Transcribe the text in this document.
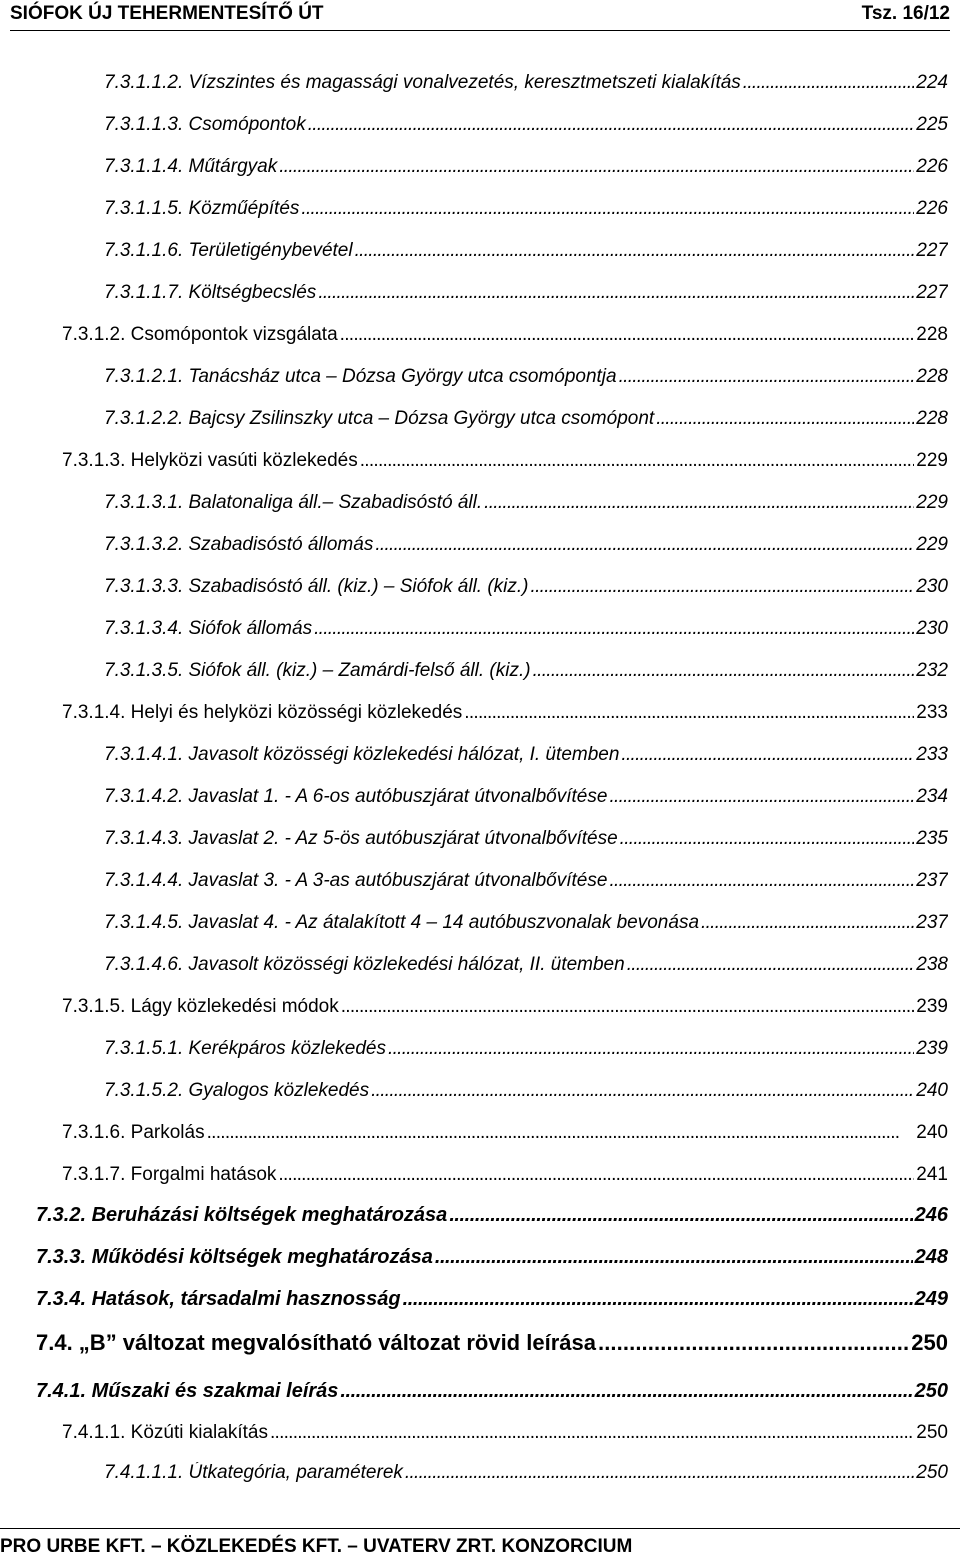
SIÓFOK ÚJ TEHERMENTESÍTŐ ÚT	Tsz. 16/12
7.3.1.1.2. Vízszintes és magassági vonalvezetés, keresztmetszeti kialakítás . . .	224
7.3.1.1.3. Csomópontok . . .	225
7.3.1.1.4. Műtárgyak . . .	226
7.3.1.1.5. Közműépítés . . .	226
7.3.1.1.6. Területigénybevétel . . .	227
7.3.1.1.7. Költségbecslés . . .	227
7.3.1.2. Csomópontok vizsgálata . . .	228
7.3.1.2.1. Tanácsház utca – Dózsa György utca csomópontja . . .	228
7.3.1.2.2. Bajcsy Zsilinszky utca – Dózsa György utca csomópont . . .	228
7.3.1.3. Helyközi vasúti közlekedés . . .	229
7.3.1.3.1. Balatonaliga áll.– Szabadisóstó áll. . . .	229
7.3.1.3.2. Szabadisóstó állomás . . .	229
7.3.1.3.3. Szabadisóstó áll. (kiz.) – Siófok áll. (kiz.) . . .	230
7.3.1.3.4. Siófok állomás . . .	230
7.3.1.3.5. Siófok áll. (kiz.) – Zamárdi-felső áll. (kiz.) . . .	232
7.3.1.4. Helyi és helyközi közösségi közlekedés . . .	233
7.3.1.4.1. Javasolt közösségi közlekedési hálózat, I. ütemben . . .	233
7.3.1.4.2. Javaslat 1. - A 6-os autóbuszjárat útvonalbővítése . . .	234
7.3.1.4.3. Javaslat 2. - Az 5-ös autóbuszjárat útvonalbővítése . . .	235
7.3.1.4.4. Javaslat 3. - A 3-as autóbuszjárat útvonalbővítése . . .	237
7.3.1.4.5. Javaslat 4. - Az átalakított 4 – 14 autóbuszvonalak bevonása . . .	237
7.3.1.4.6. Javasolt közösségi közlekedési hálózat, II. ütemben . . .	238
7.3.1.5. Lágy közlekedési módok . . .	239
7.3.1.5.1. Kerékpáros közlekedés . . .	239
7.3.1.5.2. Gyalogos közlekedés . . .	240
7.3.1.6. Parkolás . . .	240
7.3.1.7. Forgalmi hatások . . .	241
7.3.2. Beruházási költségek meghatározása . . .	246
7.3.3. Működési költségek meghatározása . . .	248
7.3.4. Hatások, társadalmi hasznosság . . .	249
7.4. „B” változat megvalósítható változat rövid leírása . . .	250
7.4.1. Műszaki és szakmai leírás . . .	250
7.4.1.1. Közúti kialakítás . . .	250
7.4.1.1.1. Útkategória, paraméterek . . .	250
PRO URBE KFT. – KÖZLEKEDÉS KFT. – UVATERV ZRT. KONZORCIUM
